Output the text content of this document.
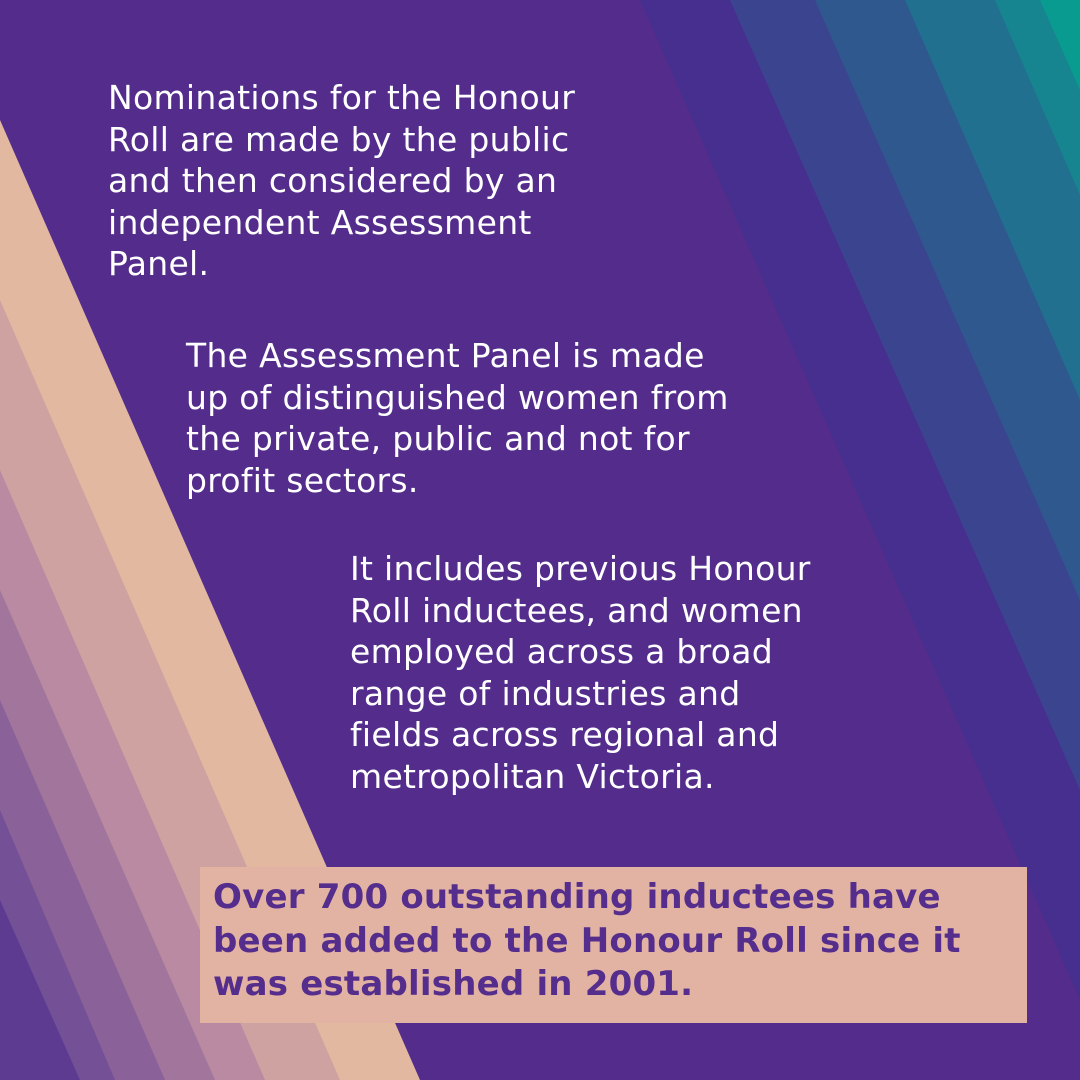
Nominations for the Honour
Roll are made by the public
and then considered by an
independent Assessment
Panel.

The Assessment Panel is made
up of distinguished women from
the private, public and not for
profit sectors.

It includes previous Honour
Roll inductees, and women
employed across a broad
range of industries and
fields across regional and
metropolitan Victoria.

Over 700 outstanding inductees have
been added to the Honour Roll since it
was established in 2001.
